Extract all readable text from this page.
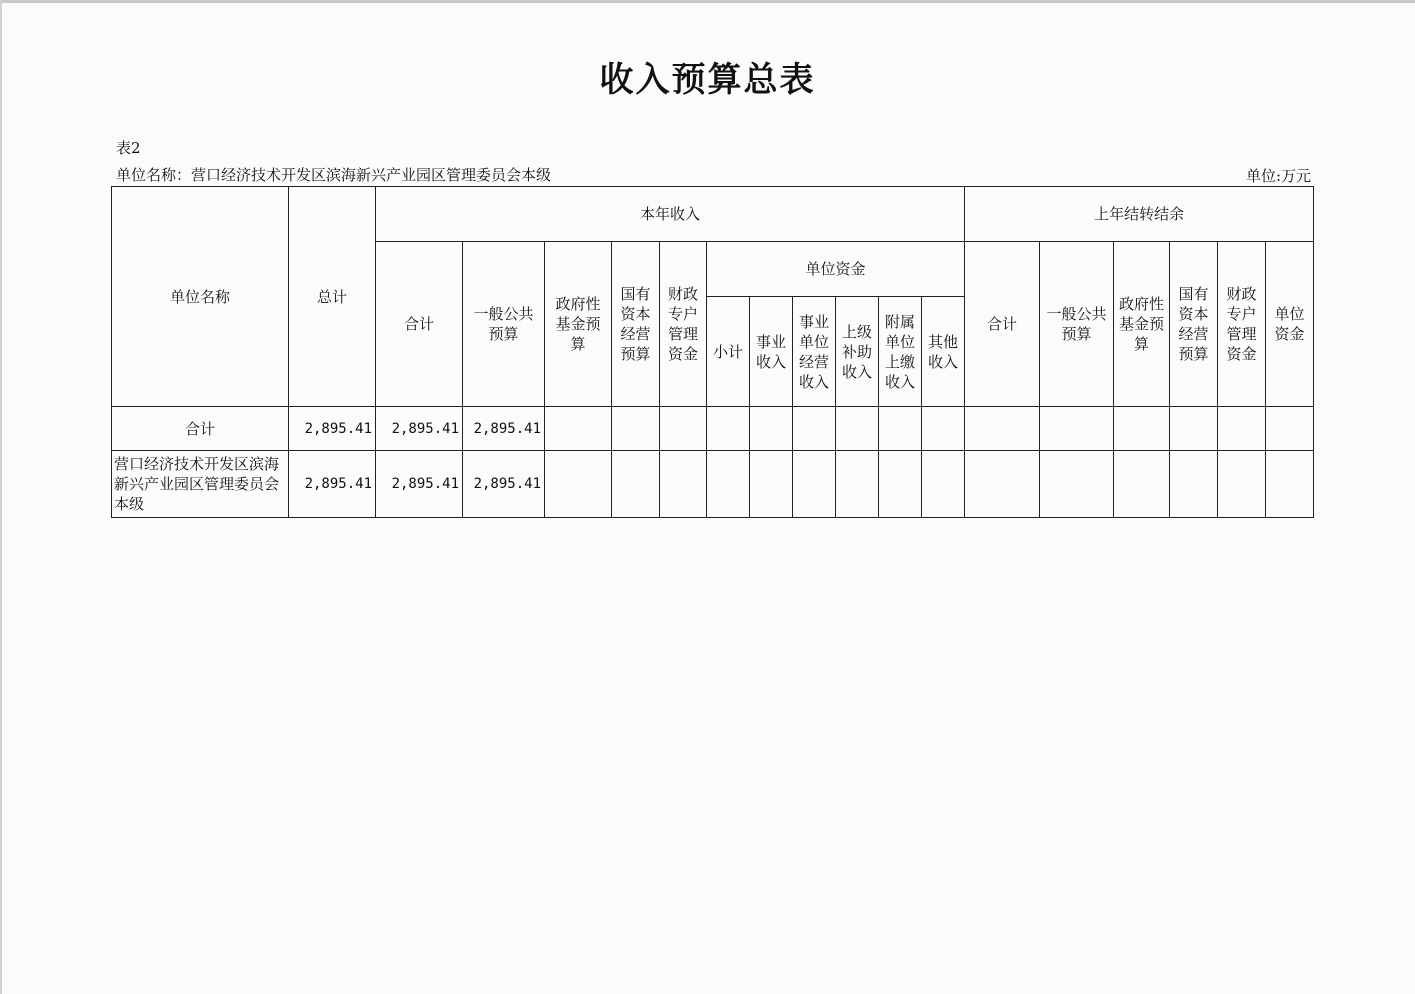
收入预算总表
表2
单位名称：营口经济技术开发区滨海新兴产业园区管理委员会本级	单位:万元
单位名称	总计	本年收入											上年结转结余					
		合计	一般公共预算	政府性基金预算	国有资本经营预算	财政专户管理资金	单位资金						合计	一般公共预算	政府性基金预算	国有资本经营预算	财政专户管理资金	单位资金
							小计	事业收入	事业单位经营收入	上级补助收入	附属单位上缴收入	其他收入						
合计	2,895.41	2,895.41	2,895.41															
营口经济技术开发区滨海新兴产业园区管理委员会本级	2,895.41	2,895.41	2,895.41															
